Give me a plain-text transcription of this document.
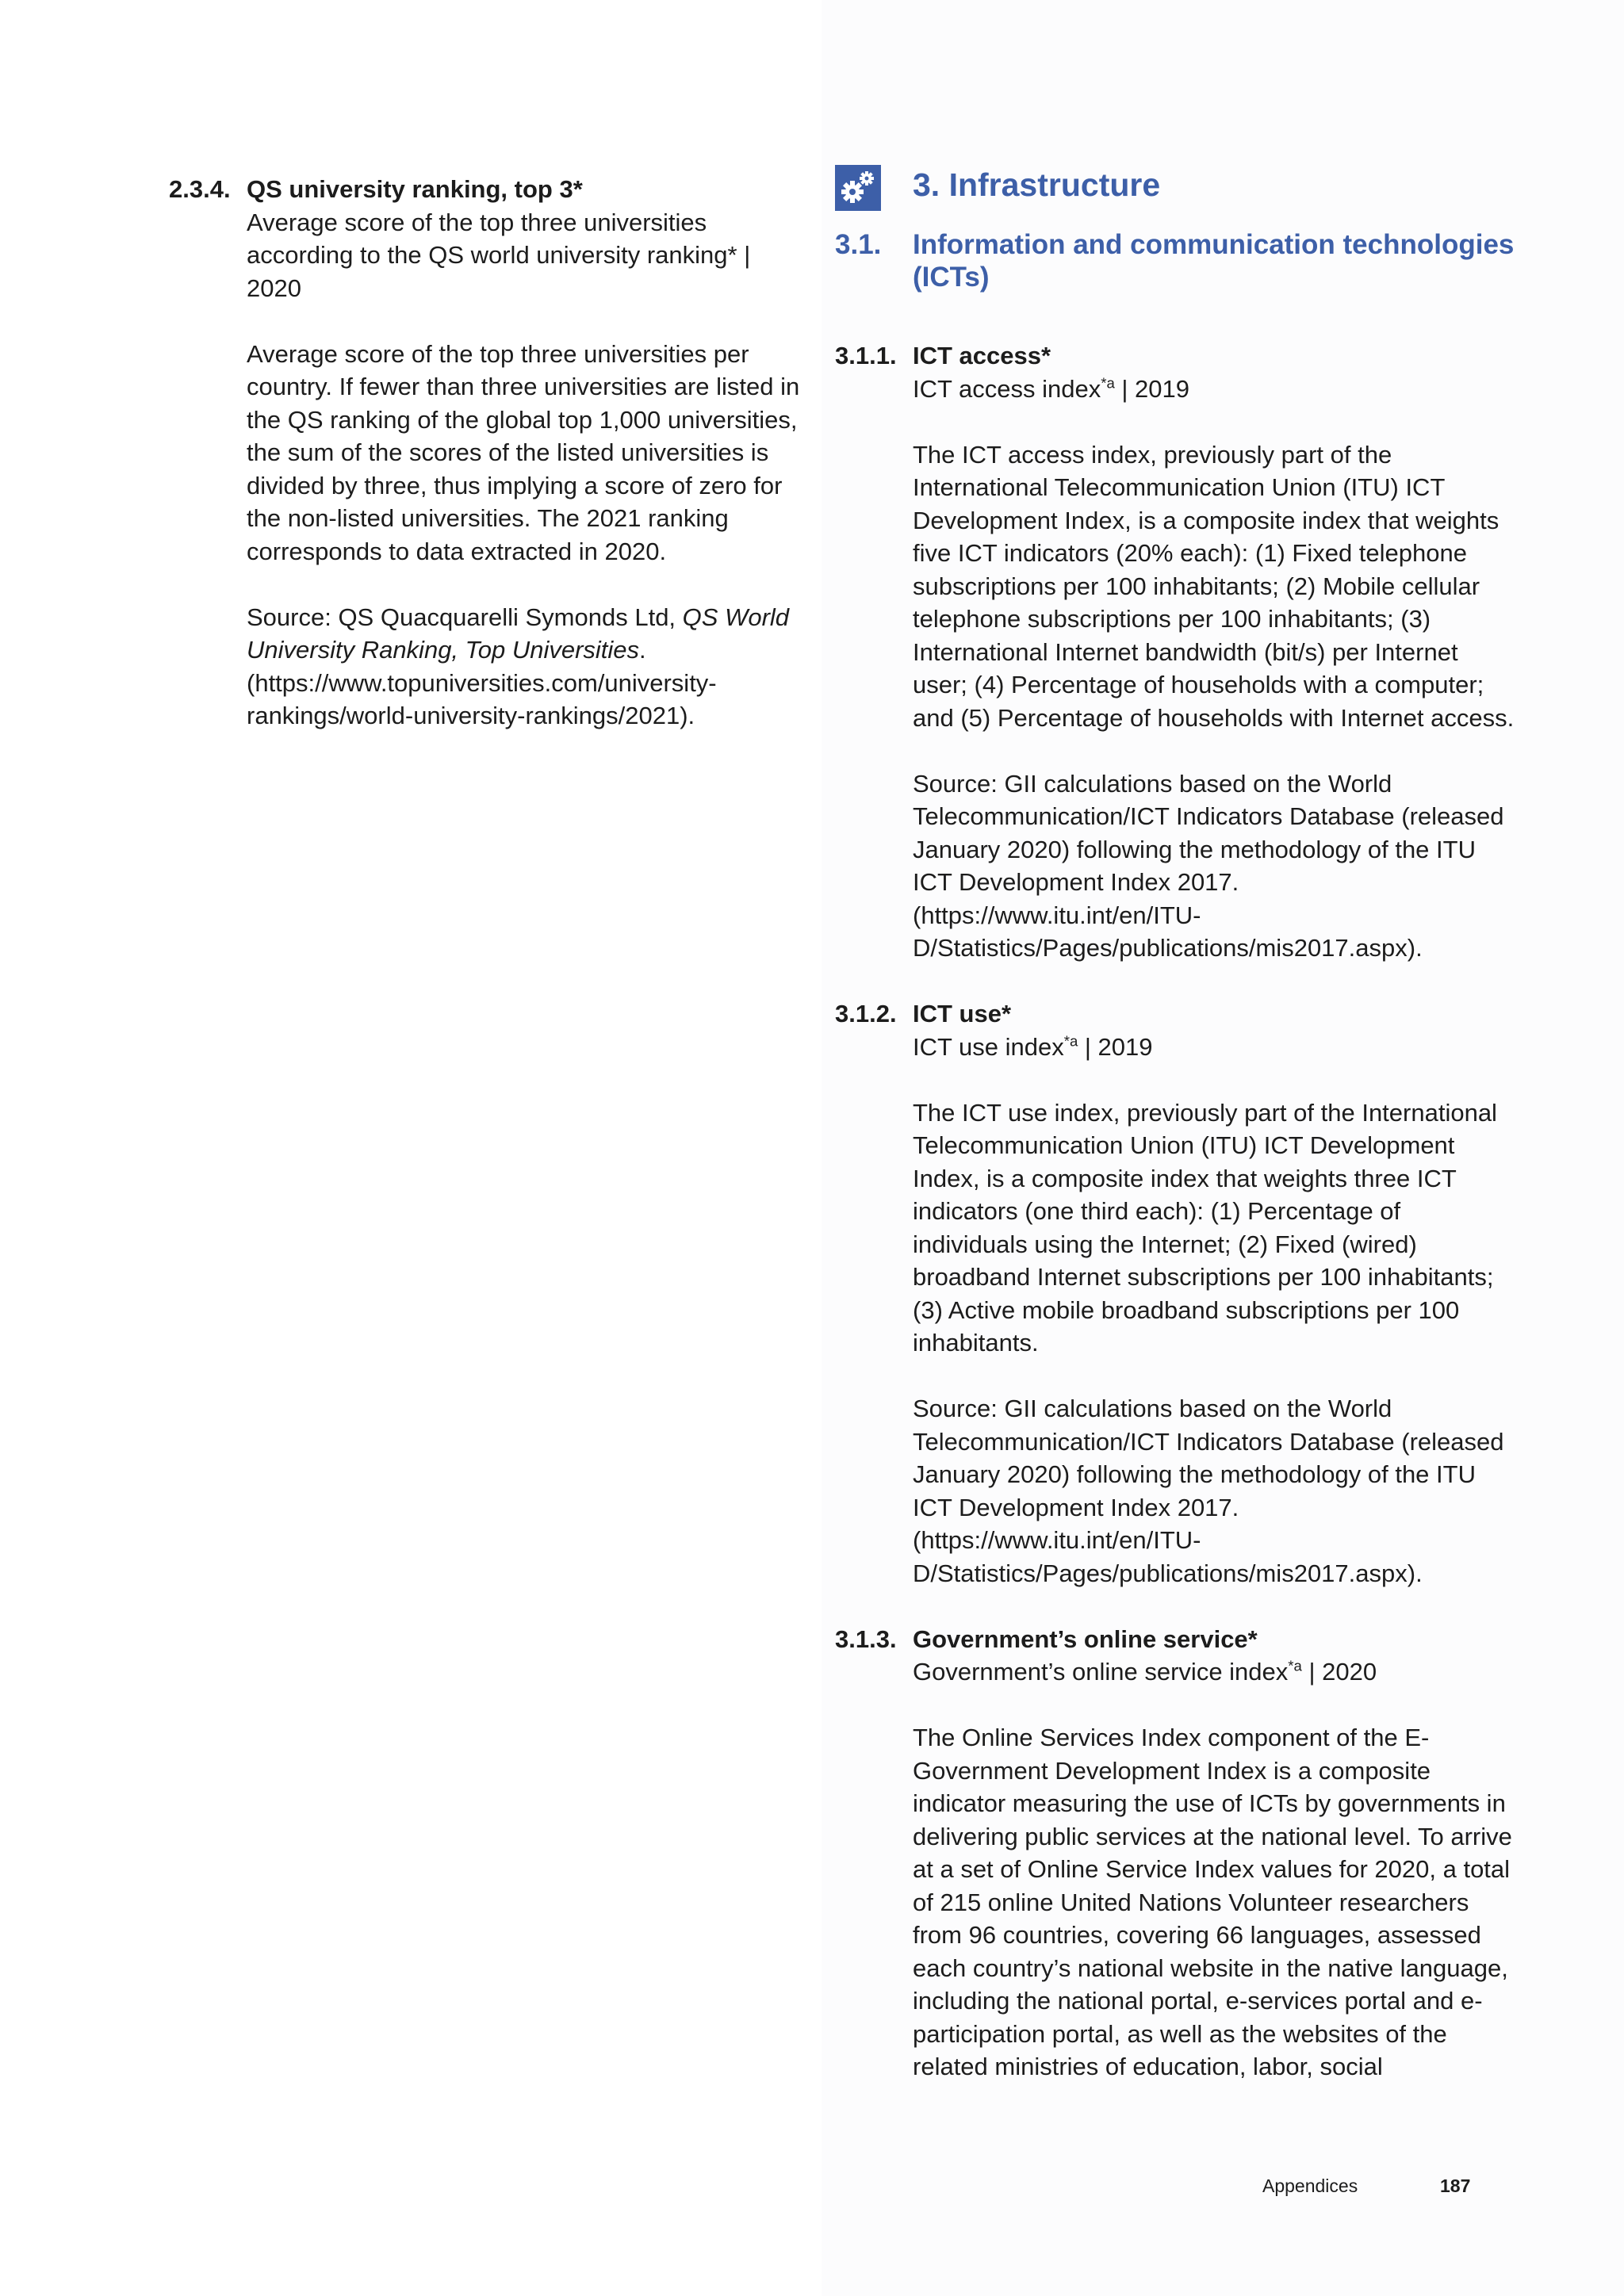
2.3.4. QS university ranking, top 3*
Average score of the top three universities according to the QS world university ranking* | 2020

Average score of the top three universities per country. If fewer than three universities are listed in the QS ranking of the global top 1,000 universities, the sum of the scores of the listed universities is divided by three, thus implying a score of zero for the non-listed universities. The 2021 ranking corresponds to data extracted in 2020.

Source: QS Quacquarelli Symonds Ltd, QS World University Ranking, Top Universities. (https://www.topuniversities.com/university-rankings/world-university-rankings/2021).

3. Infrastructure
3.1. Information and communication technologies (ICTs)
3.1.1. ICT access*
ICT access index$^{*a}$ | 2019

The ICT access index, previously part of the International Telecommunication Union (ITU) ICT Development Index, is a composite index that weights five ICT indicators (20% each): (1) Fixed telephone subscriptions per 100 inhabitants; (2) Mobile cellular telephone subscriptions per 100 inhabitants; (3) International Internet bandwidth (bit/s) per Internet user; (4) Percentage of households with a computer; and (5) Percentage of households with Internet access.

Source: GII calculations based on the World Telecommunication/ICT Indicators Database (released January 2020) following the methodology of the ITU ICT Development Index 2017. (https://www.itu.int/en/ITU-D/Statistics/Pages/publications/mis2017.aspx).

3.1.2. ICT use*
ICT use index$^{*a}$ | 2019

The ICT use index, previously part of the International Telecommunication Union (ITU) ICT Development Index, is a composite index that weights three ICT indicators (one third each): (1) Percentage of individuals using the Internet; (2) Fixed (wired) broadband Internet subscriptions per 100 inhabitants; (3) Active mobile broadband subscriptions per 100 inhabitants.

Source: GII calculations based on the World Telecommunication/ICT Indicators Database (released January 2020) following the methodology of the ITU ICT Development Index 2017. (https://www.itu.int/en/ITU-D/Statistics/Pages/publications/mis2017.aspx).

3.1.3. Government’s online service*
Government’s online service index$^{*a}$ | 2020

The Online Services Index component of the E-Government Development Index is a composite indicator measuring the use of ICTs by governments in delivering public services at the national level. To arrive at a set of Online Service Index values for 2020, a total of 215 online United Nations Volunteer researchers from 96 countries, covering 66 languages, assessed each country’s national website in the native language, including the national portal, e-services portal and e-participation portal, as well as the websites of the related ministries of education, labor, social

Appendices	187
